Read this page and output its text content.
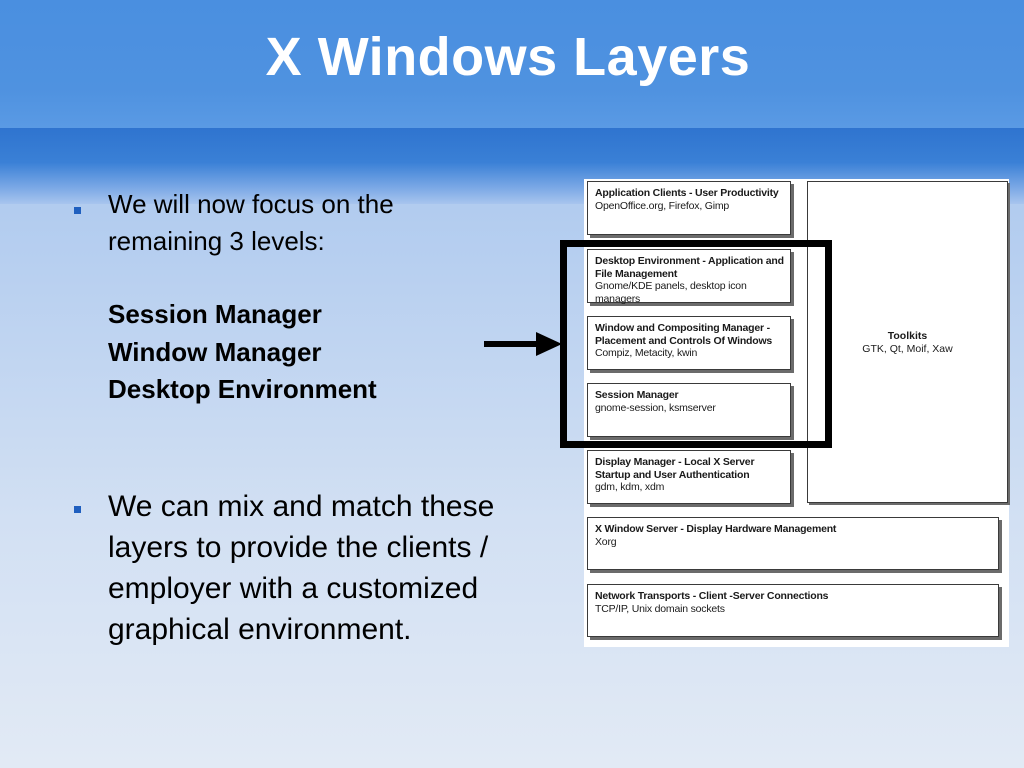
X Windows Layers
We will now focus on the
remaining 3 levels:
Session Manager
Window Manager
Desktop Environment
We can mix and match these layers to provide the clients / employer with a customized graphical environment.
Application Clients - User Productivity
OpenOffice.org, Firefox, Gimp
Desktop Environment - Application and File Management
Gnome/KDE panels, desktop icon managers
Window and Compositing Manager - Placement and Controls Of Windows
Compiz, Metacity, kwin
Session Manager
gnome-session, ksmserver
Display Manager - Local X Server Startup and User Authentication
gdm, kdm, xdm
X Window Server - Display Hardware Management
Xorg
Network Transports - Client -Server Connections
TCP/IP, Unix domain sockets
Toolkits
GTK, Qt, Moif, Xaw
